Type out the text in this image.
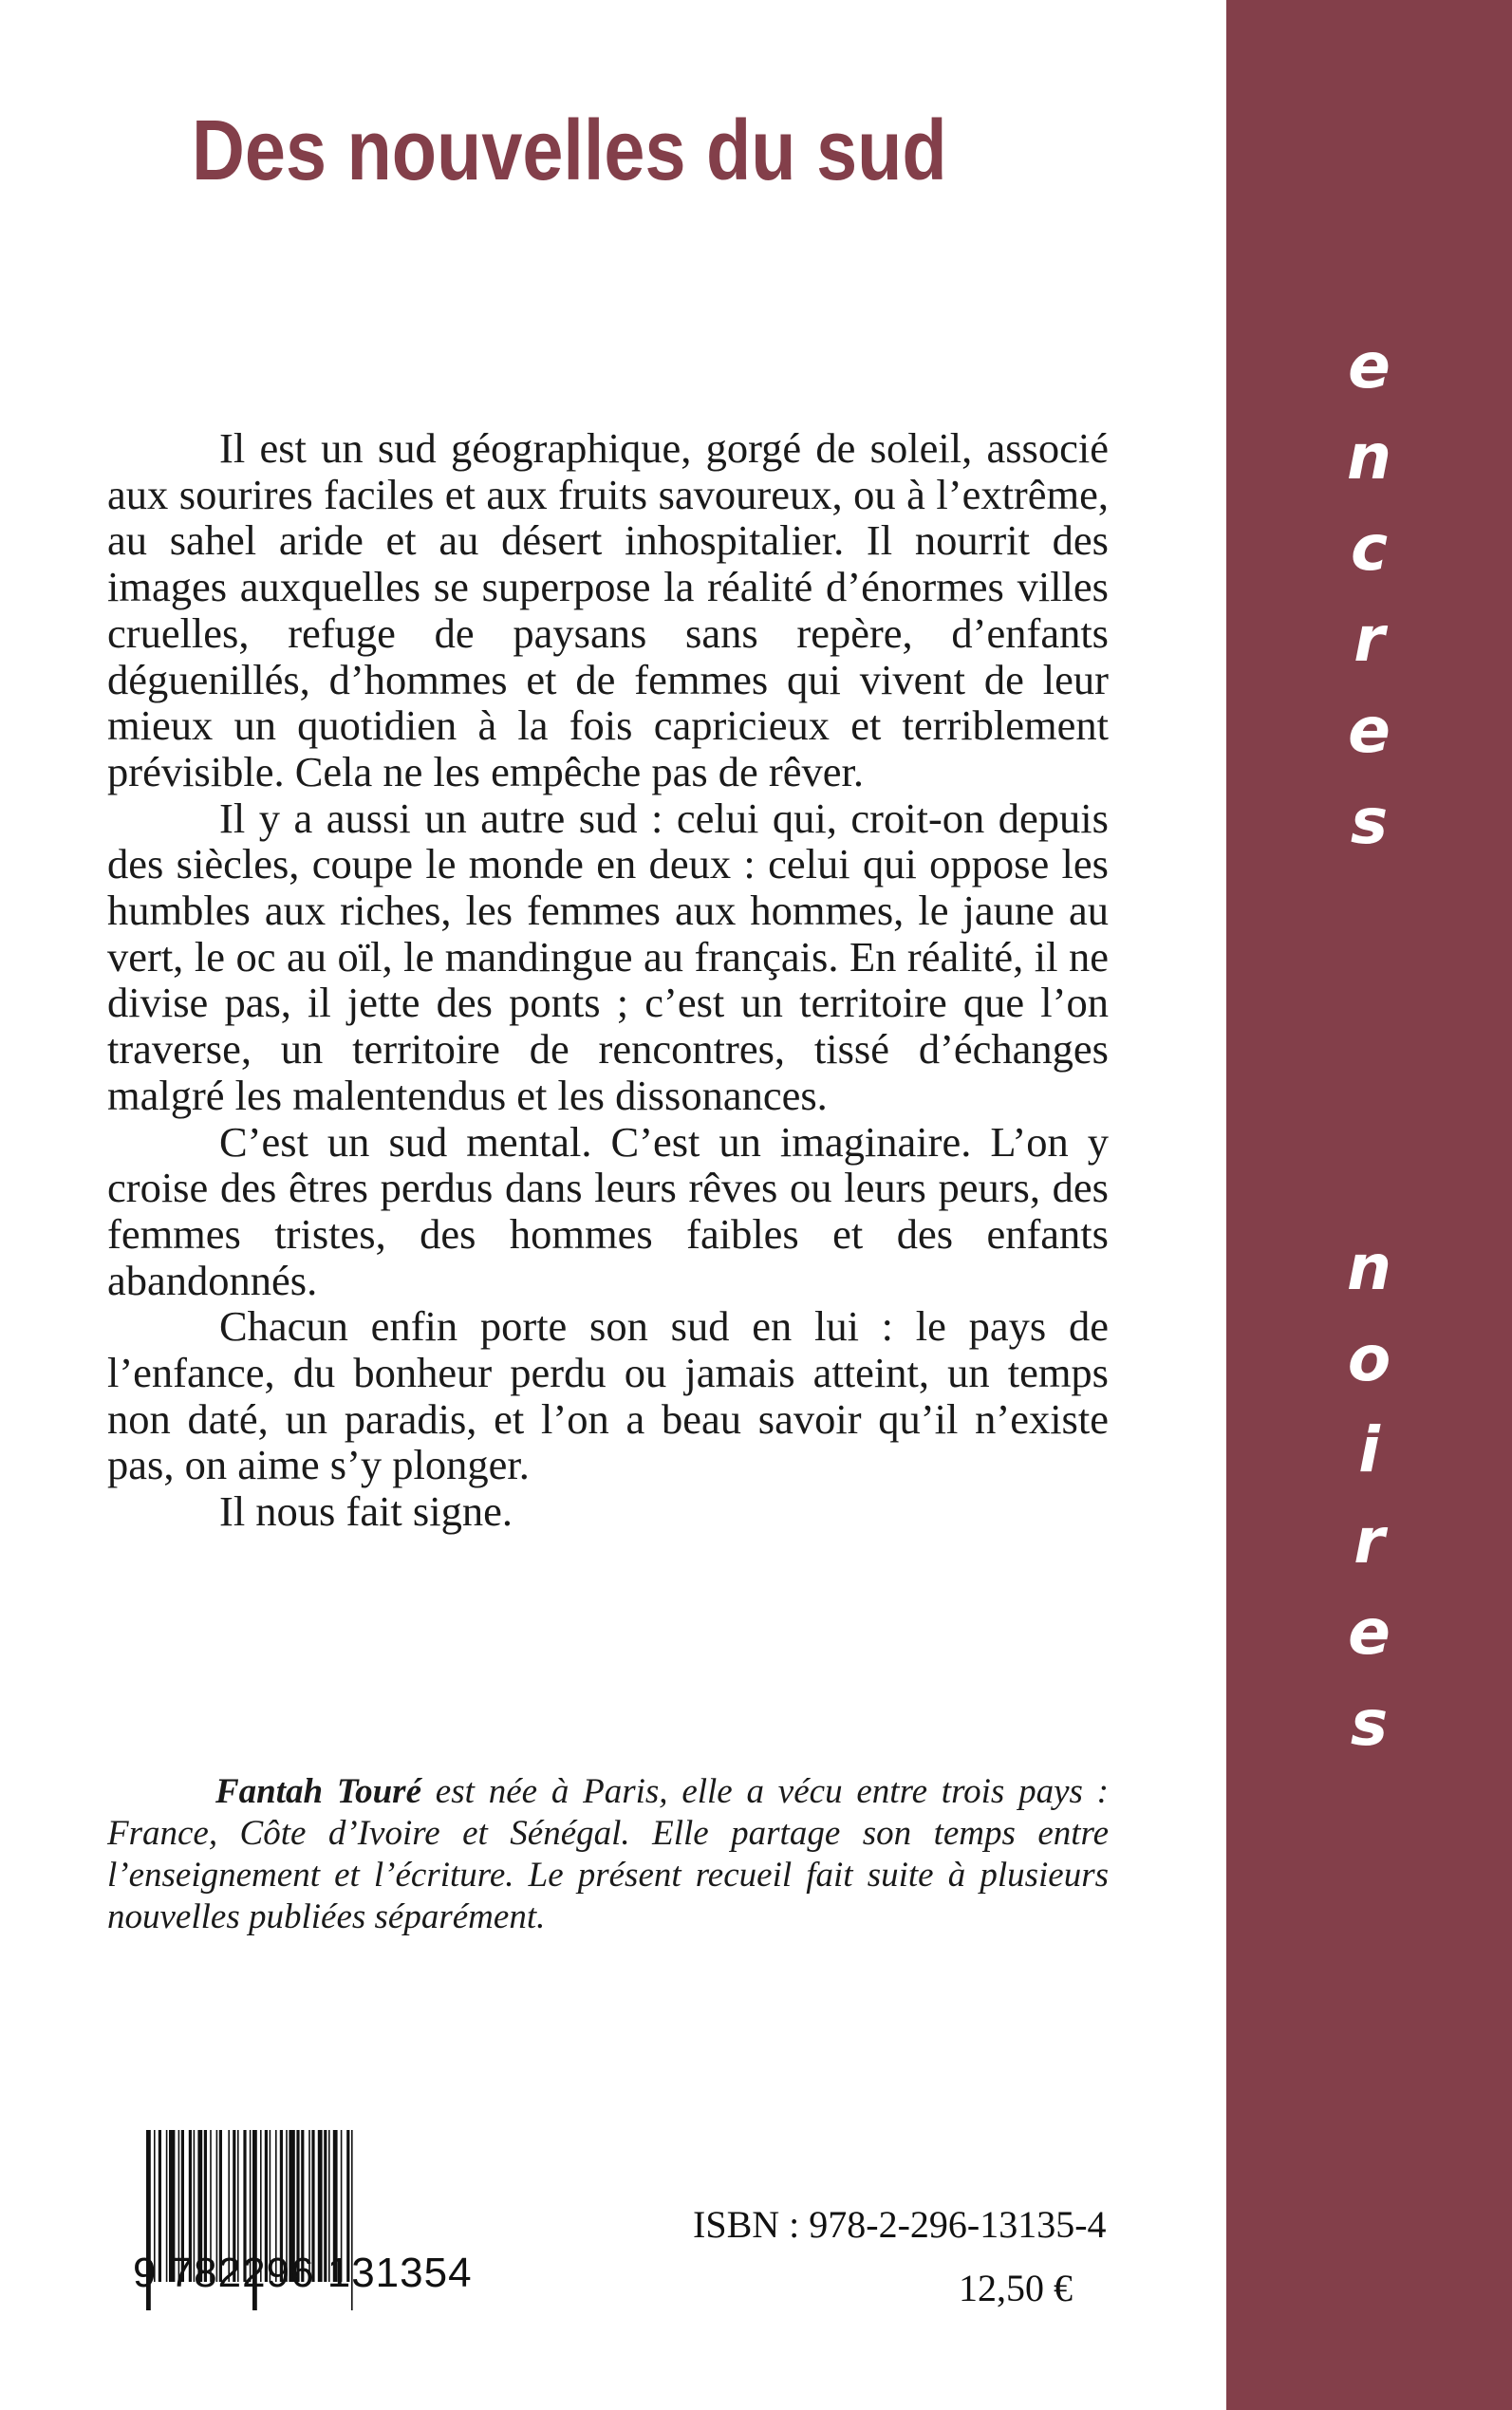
e
n
c
r
e
s
n
o
i
r
e
s
Des nouvelles du sud

Il est un sud géographique, gorgé de soleil, associé aux sourires faciles et aux fruits savoureux, ou à l’extrême, au sahel aride et au désert inhospitalier. Il nourrit des images auxquelles se superpose la réalité d’énormes villes cruelles, refuge de paysans sans repère, d’enfants déguenillés, d’hommes et de femmes qui vivent de leur mieux un quotidien à la fois capricieux et terriblement prévisible. Cela ne les empêche pas de rêver.

Il y a aussi un autre sud : celui qui, croit-on depuis des siècles, coupe le monde en deux : celui qui oppose les humbles aux riches, les femmes aux hommes, le jaune au vert, le oc au oïl, le mandingue au français. En réalité, il ne divise pas, il jette des ponts ; c’est un territoire que l’on traverse, un territoire de rencontres, tissé d’échanges malgré les malentendus et les dissonances.

C’est un sud mental. C’est un imaginaire. L’on y croise des êtres perdus dans leurs rêves ou leurs peurs, des femmes tristes, des hommes faibles et des enfants abandonnés.

Chacun enfin porte son sud en lui : le pays de l’enfance, du bonheur perdu ou jamais atteint, un temps non daté, un paradis, et l’on a beau savoir qu’il n’existe pas, on aime s’y plonger.

Il nous fait signe.

Fantah Touré est née à Paris, elle a vécu entre trois pays : France, Côte d’Ivoire et Sénégal. Elle partage son temps entre l’enseignement et l’écriture. Le présent recueil fait suite à plusieurs nouvelles publiées séparément.

9 782296 131354
ISBN : 978-2-296-13135-4
12,50 €
